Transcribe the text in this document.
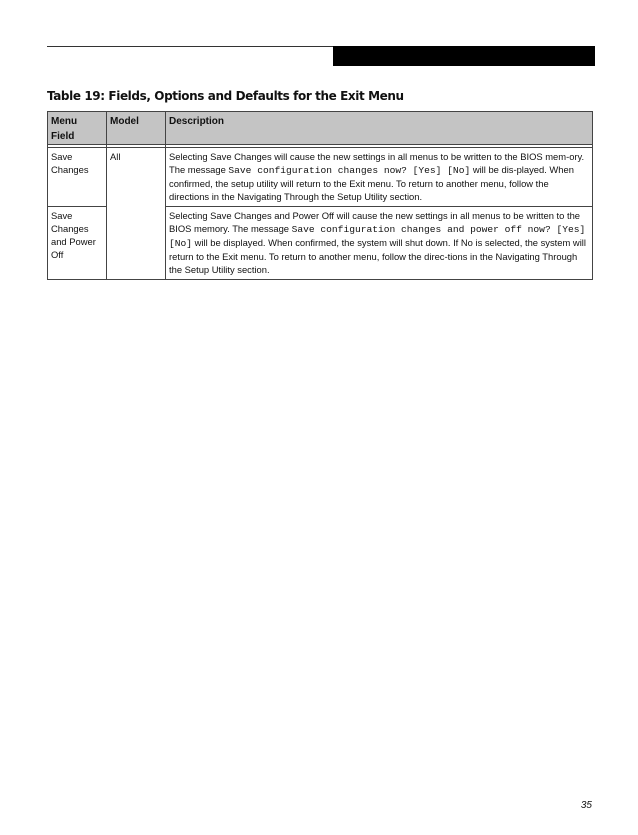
Table 19: Fields, Options and Defaults for the Exit Menu
Menu Field	Model	Description

Save Changes	All	Selecting Save Changes will cause the new settings in all menus to be written to the BIOS mem-ory. The message Save configuration changes now? [Yes] [No] will be dis-played. When confirmed, the setup utility will return to the Exit menu. To return to another menu, follow the directions in the Navigating Through the Setup Utility section.
Save Changes and Power Off		Selecting Save Changes and Power Off will cause the new settings in all menus to be written to the BIOS memory. The message Save configuration changes and power off now? [Yes] [No] will be displayed. When confirmed, the system will shut down. If No is selected, the system will return to the Exit menu. To return to another menu, follow the direc-tions in the Navigating Through the Setup Utility section.
35
